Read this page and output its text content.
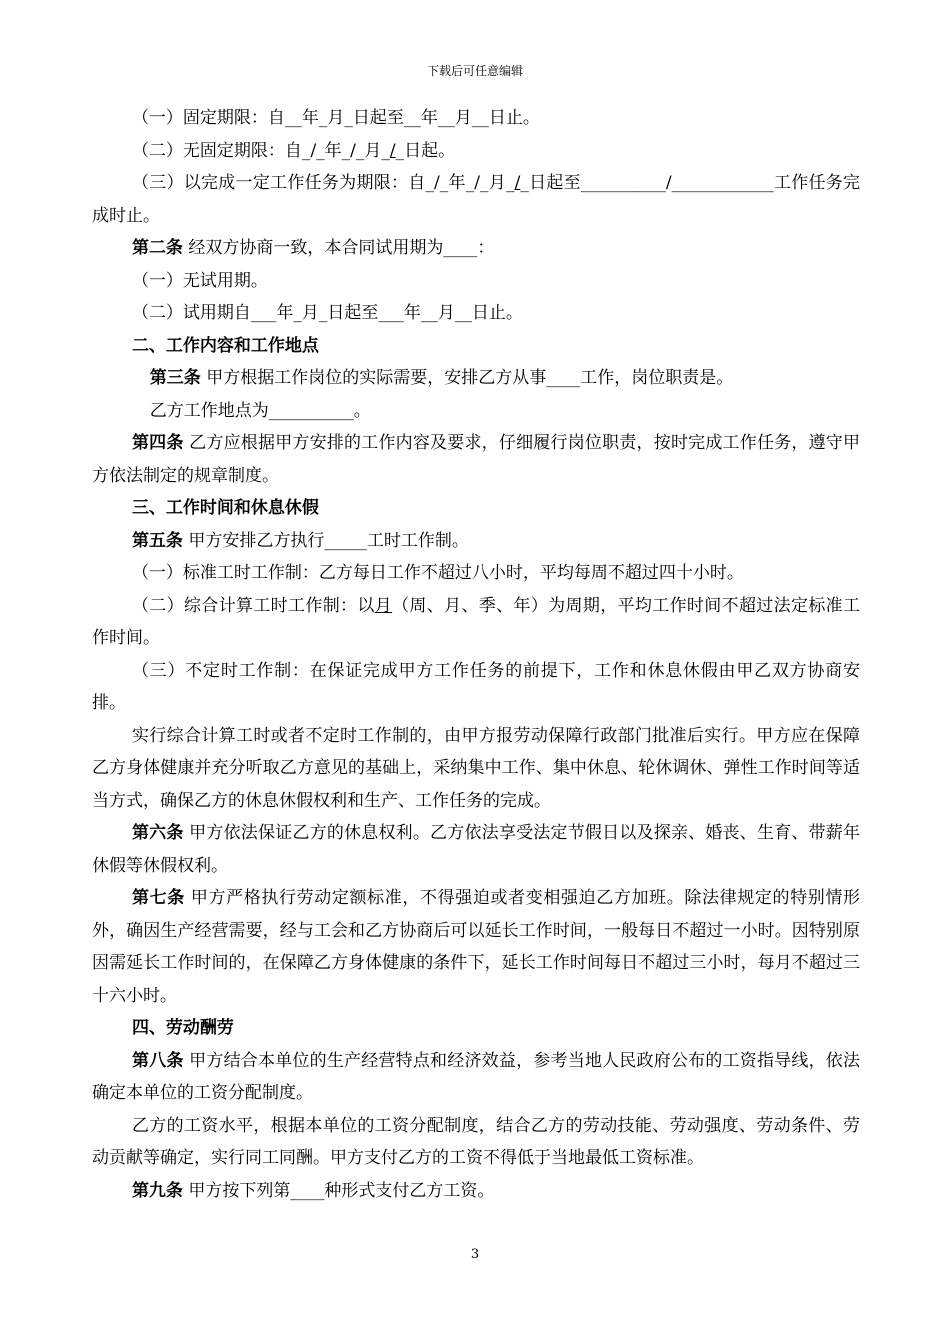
下载后可任意编辑

（一）固定期限：自__年_月_日起至__年__月__日止。

（二）无固定期限：自_/_年_/_月_/_日起。

（三）以完成一定工作任务为期限：自_/_年_/_月_/_日起至__________/____________工作任务完成时止。

第二条 经双方协商一致，本合同试用期为____：

（一）无试用期。

（二）试用期自___年_月_日起至___年__月__日止。

二、工作内容和工作地点

第三条 甲方根据工作岗位的实际需要，安排乙方从事____工作，岗位职责是。

乙方工作地点为__________。

第四条 乙方应根据甲方安排的工作内容及要求，仔细履行岗位职责，按时完成工作任务，遵守甲方依法制定的规章制度。

三、工作时间和休息休假

第五条 甲方安排乙方执行_____工时工作制。

（一）标准工时工作制：乙方每日工作不超过八小时，平均每周不超过四十小时。

（二）综合计算工时工作制：以月（周、月、季、年）为周期，平均工作时间不超过法定标准工作时间。

（三）不定时工作制：在保证完成甲方工作任务的前提下，工作和休息休假由甲乙双方协商安排。

实行综合计算工时或者不定时工作制的，由甲方报劳动保障行政部门批准后实行。甲方应在保障乙方身体健康并充分听取乙方意见的基础上，采纳集中工作、集中休息、轮休调休、弹性工作时间等适当方式，确保乙方的休息休假权利和生产、工作任务的完成。

第六条 甲方依法保证乙方的休息权利。乙方依法享受法定节假日以及探亲、婚丧、生育、带薪年休假等休假权利。

第七条 甲方严格执行劳动定额标准，不得强迫或者变相强迫乙方加班。除法律规定的特别情形外，确因生产经营需要，经与工会和乙方协商后可以延长工作时间，一般每日不超过一小时。因特别原因需延长工作时间的，在保障乙方身体健康的条件下，延长工作时间每日不超过三小时，每月不超过三十六小时。

四、劳动酬劳

第八条 甲方结合本单位的生产经营特点和经济效益，参考当地人民政府公布的工资指导线，依法确定本单位的工资分配制度。

乙方的工资水平，根据本单位的工资分配制度，结合乙方的劳动技能、劳动强度、劳动条件、劳动贡献等确定，实行同工同酬。甲方支付乙方的工资不得低于当地最低工资标准。

第九条 甲方按下列第____种形式支付乙方工资。

3
